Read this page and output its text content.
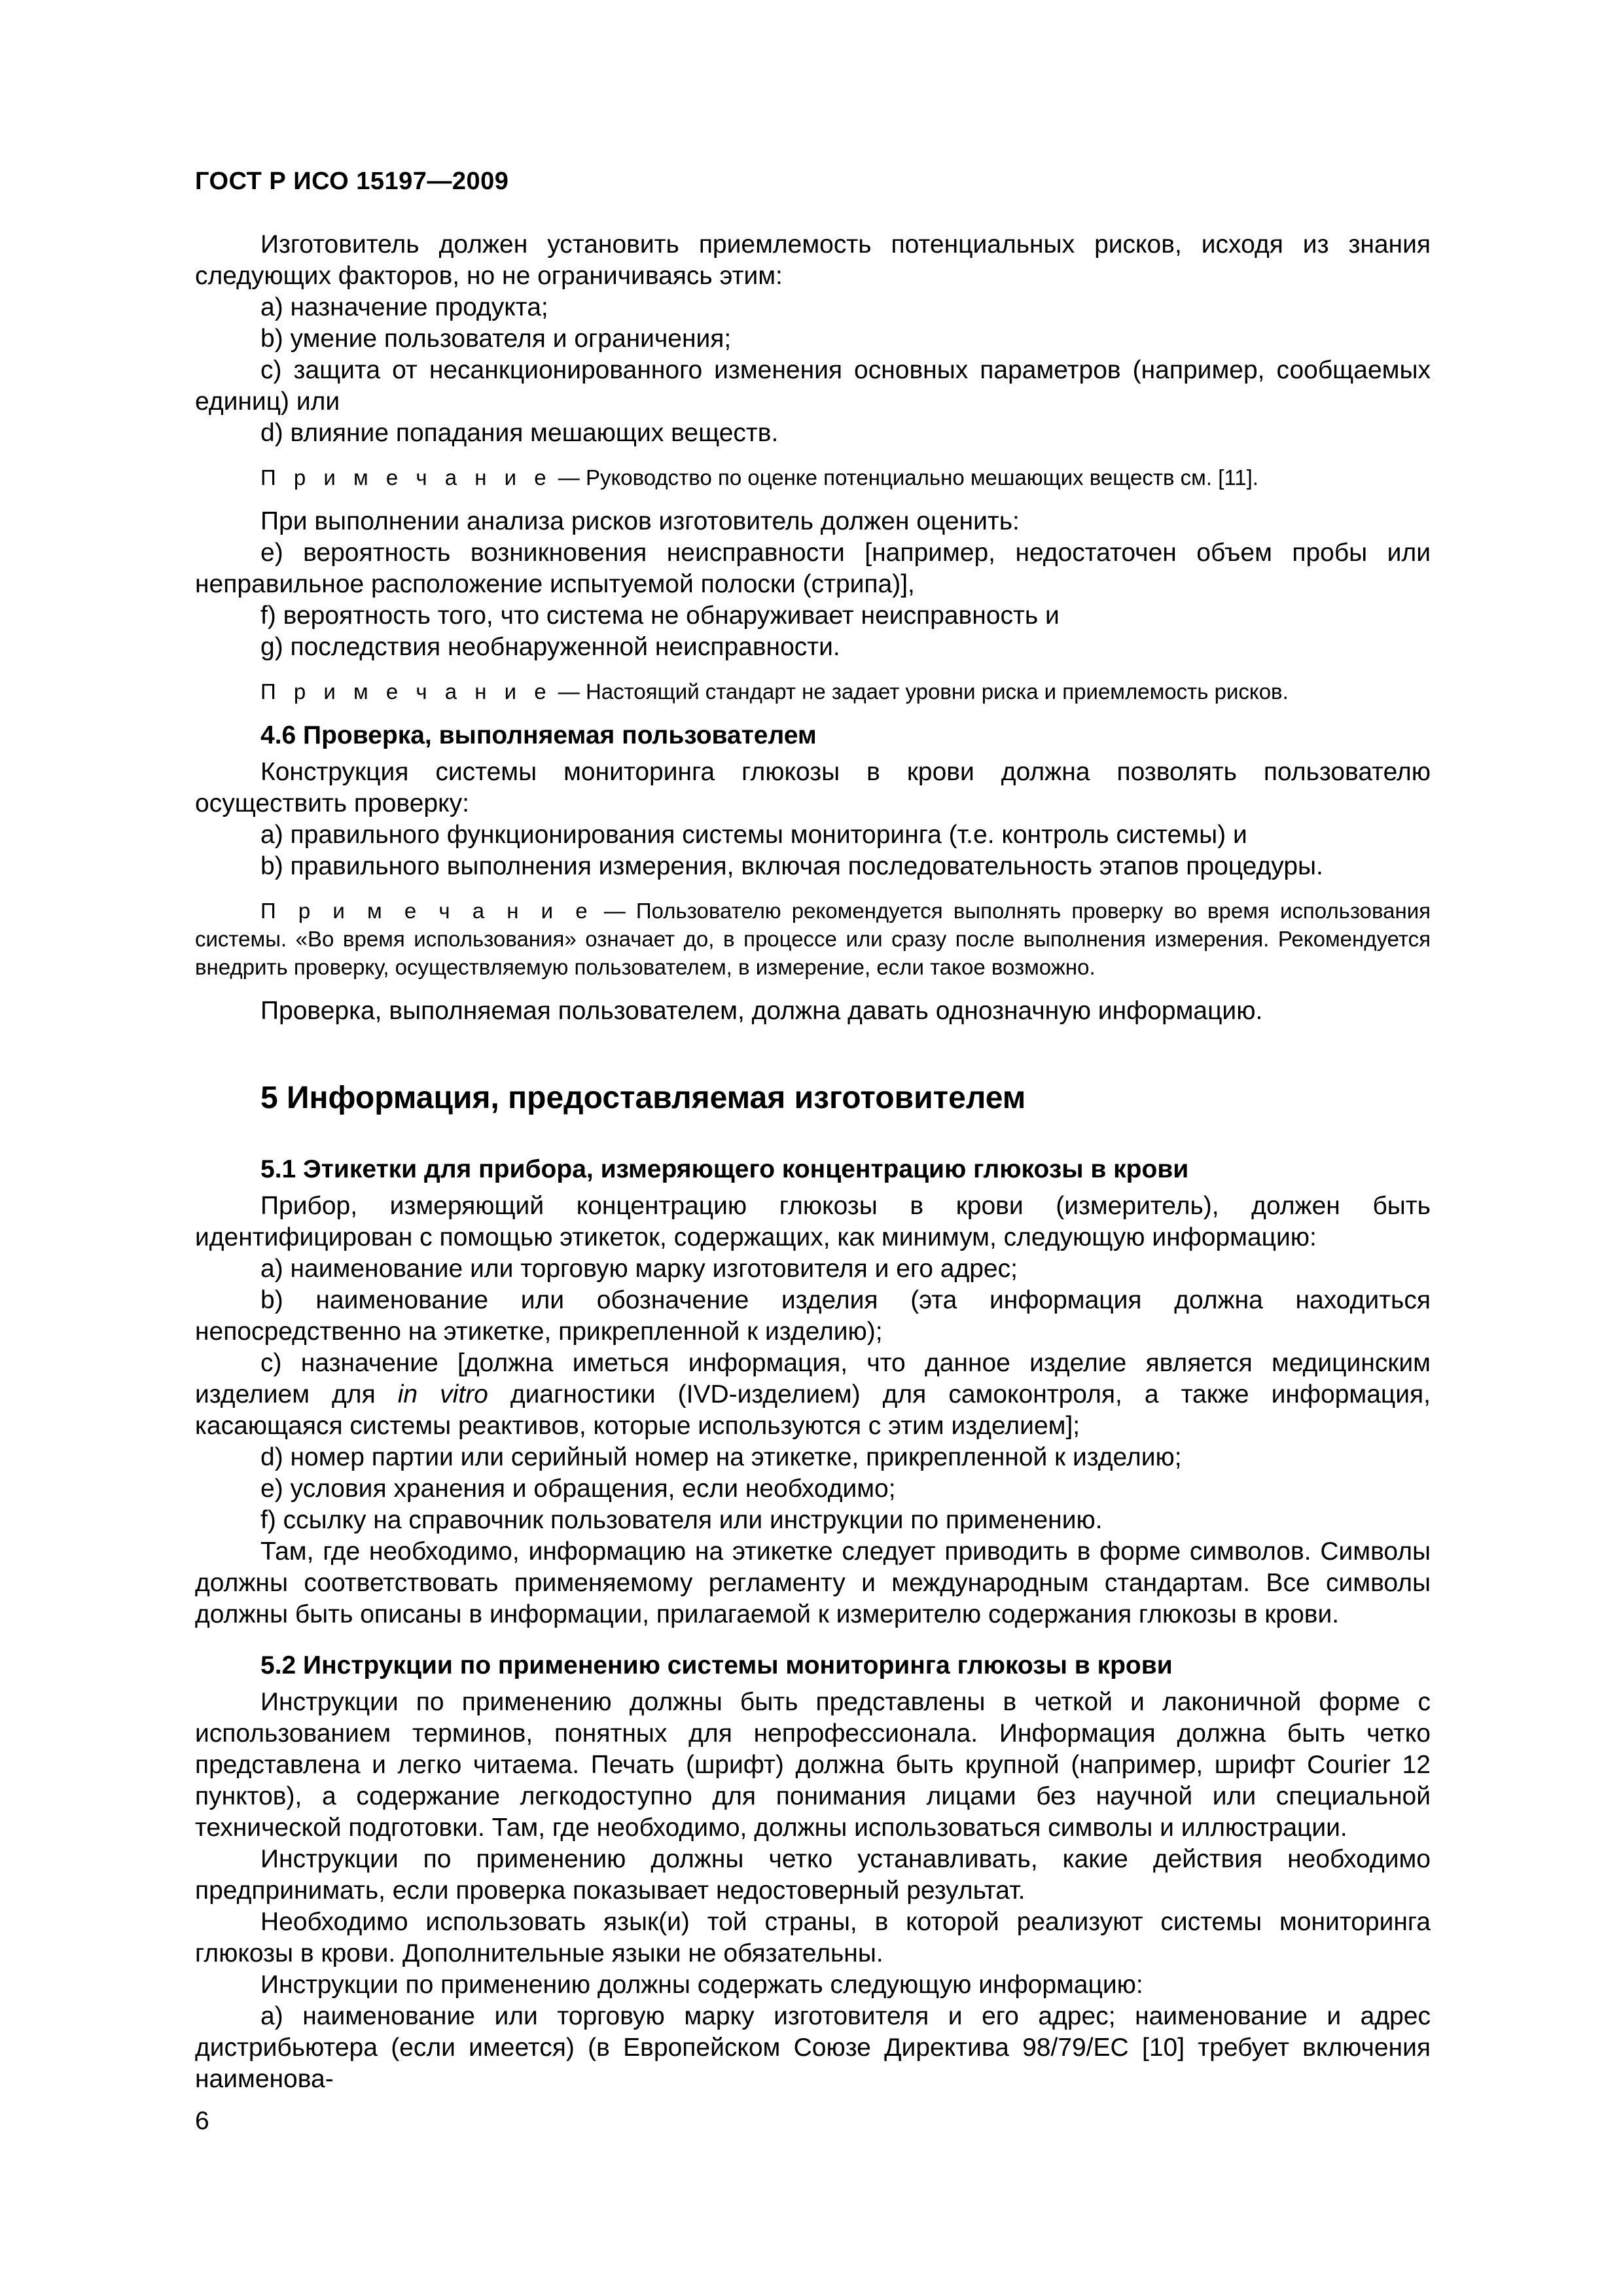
ГОСТ Р ИСО 15197—2009

Изготовитель должен установить приемлемость потенциальных рисков, исходя из знания следующих факторов, но не ограничиваясь этим:

а) назначение продукта;

b) умение пользователя и ограничения;

с) защита от несанкционированного изменения основных параметров (например, сообщаемых единиц) или

d) влияние попадания мешающих веществ.

П р и м е ч а н и е — Руководство по оценке потенциально мешающих веществ см. [11].

При выполнении анализа рисков изготовитель должен оценить:

е) вероятность возникновения неисправности [например, недостаточен объем пробы или неправильное расположение испытуемой полоски (стрипа)],

f) вероятность того, что система не обнаруживает неисправность и

g) последствия необнаруженной неисправности.

П р и м е ч а н и е — Настоящий стандарт не задает уровни риска и приемлемость рисков.

4.6 Проверка, выполняемая пользователем

Конструкция системы мониторинга глюкозы в крови должна позволять пользователю осуществить проверку:

а) правильного функционирования системы мониторинга (т.е. контроль системы) и

b) правильного выполнения измерения, включая последовательность этапов процедуры.

П р и м е ч а н и е — Пользователю рекомендуется выполнять проверку во время использования системы. «Во время использования» означает до, в процессе или сразу после выполнения измерения. Рекомендуется внедрить проверку, осуществляемую пользователем, в измерение, если такое возможно.

Проверка, выполняемая пользователем, должна давать однозначную информацию.

5 Информация, предоставляемая изготовителем
5.1 Этикетки для прибора, измеряющего концентрацию глюкозы в крови

Прибор, измеряющий концентрацию глюкозы в крови (измеритель), должен быть идентифицирован с помощью этикеток, содержащих, как минимум, следующую информацию:

а) наименование или торговую марку изготовителя и его адрес;

b) наименование или обозначение изделия (эта информация должна находиться непосредственно на этикетке, прикрепленной к изделию);

с) назначение [должна иметься информация, что данное изделие является медицинским изделием для in vitro диагностики (IVD-изделием) для самоконтроля, а также информация, касающаяся системы реактивов, которые используются с этим изделием];

d) номер партии или серийный номер на этикетке, прикрепленной к изделию;

е) условия хранения и обращения, если необходимо;

f) ссылку на справочник пользователя или инструкции по применению.

Там, где необходимо, информацию на этикетке следует приводить в форме символов. Символы должны соответствовать применяемому регламенту и международным стандартам. Все символы должны быть описаны в информации, прилагаемой к измерителю содержания глюкозы в крови.

5.2 Инструкции по применению системы мониторинга глюкозы в крови

Инструкции по применению должны быть представлены в четкой и лаконичной форме с использованием терминов, понятных для непрофессионала. Информация должна быть четко представлена и легко читаема. Печать (шрифт) должна быть крупной (например, шрифт Courier 12 пунктов), а содержание легкодоступно для понимания лицами без научной или специальной технической подготовки. Там, где необходимо, должны использоваться символы и иллюстрации.

Инструкции по применению должны четко устанавливать, какие действия необходимо предпринимать, если проверка показывает недостоверный результат.

Необходимо использовать язык(и) той страны, в которой реализуют системы мониторинга глюкозы в крови. Дополнительные языки не обязательны.

Инструкции по применению должны содержать следующую информацию:

а) наименование или торговую марку изготовителя и его адрес; наименование и адрес дистрибьютера (если имеется) (в Европейском Союзе Директива 98/79/ЕС [10] требует включения наименова-

6
